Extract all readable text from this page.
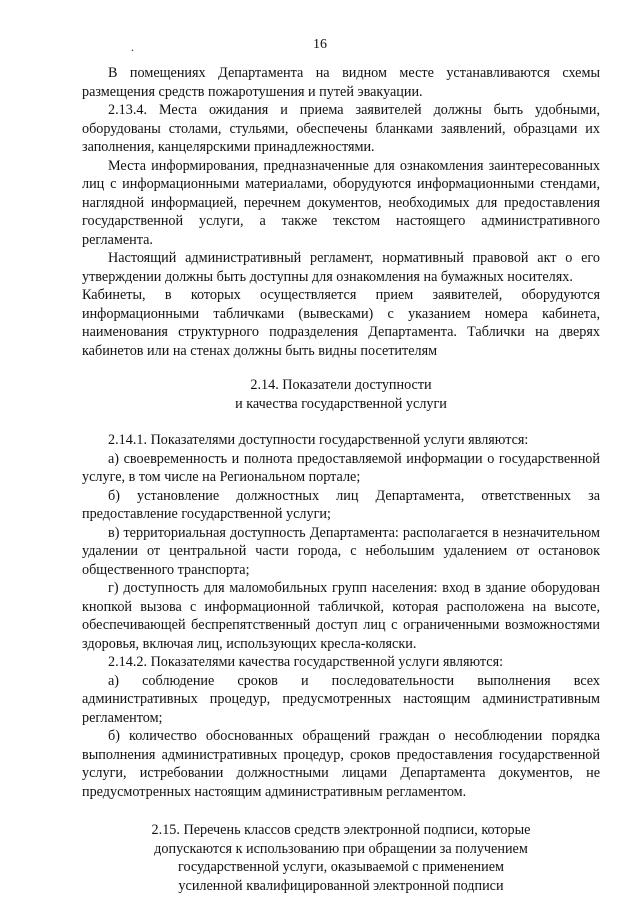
16
.

В помещениях Департамента на видном месте устанавливаются схемы размещения средств пожаротушения и путей эвакуации.

2.13.4. Места ожидания и приема заявителей должны быть удобными, оборудованы столами, стульями, обеспечены бланками заявлений, образцами их заполнения, канцелярскими принадлежностями.

Места информирования, предназначенные для ознакомления заинтересованных лиц с информационными материалами, оборудуются информационными стендами, наглядной информацией, перечнем документов, необходимых для предоставления государственной услуги, а также текстом настоящего административного регламента.

Настоящий административный регламент, нормативный правовой акт о его утверждении должны быть доступны для ознакомления на бумажных носителях.

Кабинеты, в которых осуществляется прием заявителей, оборудуются информационными табличками (вывесками) с указанием номера кабинета, наименования структурного подразделения Департамента. Таблички на дверях кабинетов или на стенах должны быть видны посетителям

2.14. Показатели доступности
и качества государственной услуги

2.14.1. Показателями доступности государственной услуги являются:

а) своевременность и полнота предоставляемой информации о государственной услуге, в том числе на Региональном портале;

б) установление должностных лиц Департамента, ответственных за предоставление государственной услуги;

в) территориальная доступность Департамента: располагается в незначительном удалении от центральной части города, с небольшим удалением от остановок общественного транспорта;

г) доступность для маломобильных групп населения: вход в здание оборудован кнопкой вызова с информационной табличкой, которая расположена на высоте, обеспечивающей беспрепятственный доступ лиц с ограниченными возможностями здоровья, включая лиц, использующих кресла-коляски.

2.14.2. Показателями качества государственной услуги являются:

а) соблюдение сроков и последовательности выполнения всех административных процедур, предусмотренных настоящим административным регламентом;

б) количество обоснованных обращений граждан о несоблюдении порядка выполнения административных процедур, сроков предоставления государственной услуги, истребовании должностными лицами Департамента документов, не предусмотренных настоящим административным регламентом.

2.15. Перечень классов средств электронной подписи, которые
допускаются к использованию при обращении за получением
государственной услуги, оказываемой с применением
усиленной квалифицированной электронной подписи
